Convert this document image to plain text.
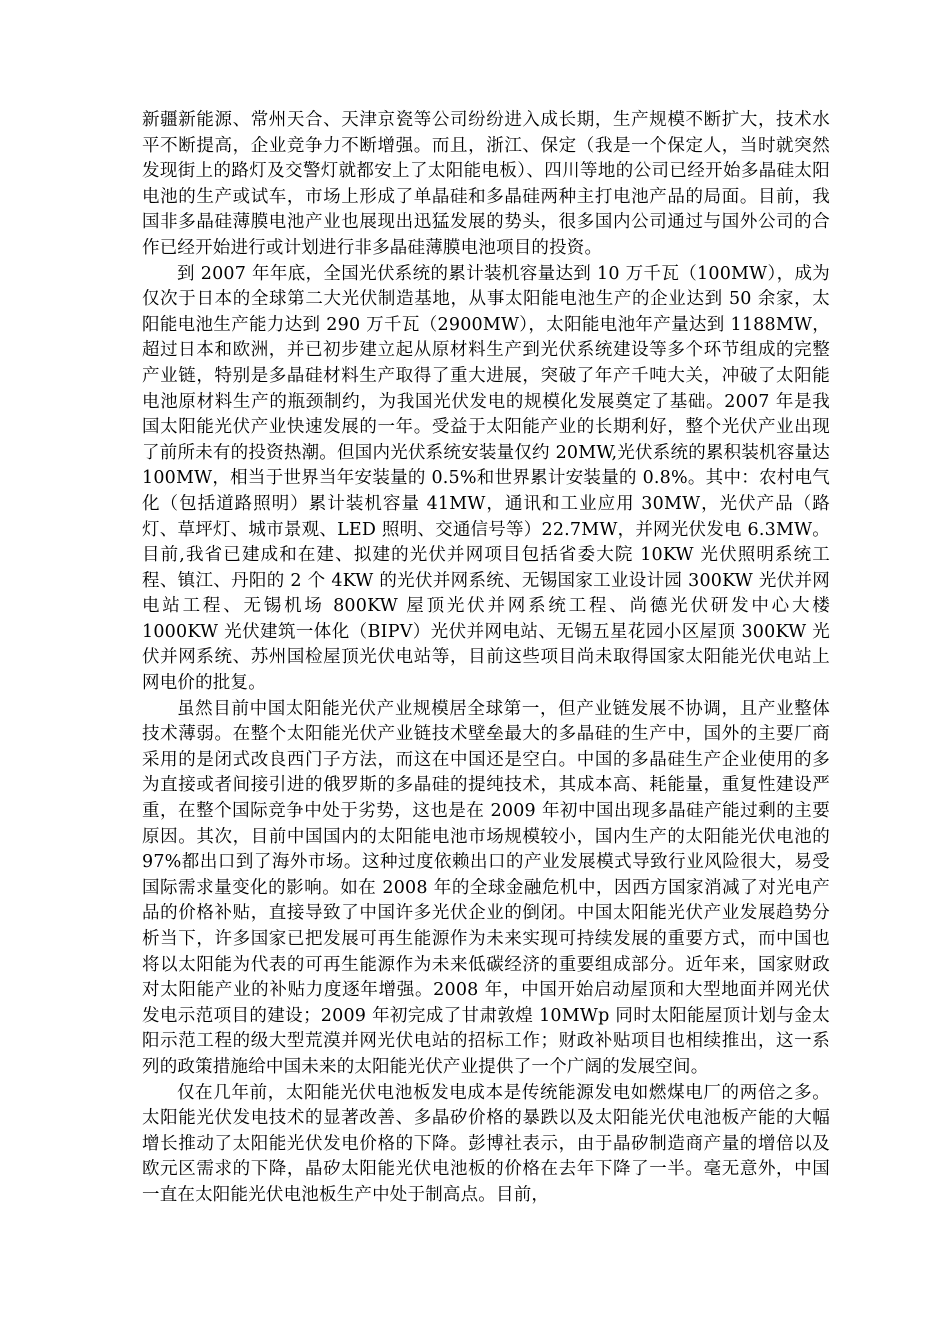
新疆新能源、常州天合、天津京瓷等公司纷纷进入成长期，生产规模不断扩大，技术水平不断提高，企业竞争力不断增强。而且，浙江、保定（我是一个保定人，当时就突然发现街上的路灯及交警灯就都安上了太阳能电板）、四川等地的公司已经开始多晶硅太阳电池的生产或试车，市场上形成了单晶硅和多晶硅两种主打电池产品的局面。目前，我国非多晶硅薄膜电池产业也展现出迅猛发展的势头，很多国内公司通过与国外公司的合作已经开始进行或计划进行非多晶硅薄膜电池项目的投资。

到 2007 年年底，全国光伏系统的累计装机容量达到 10 万千瓦（100MW），成为仅次于日本的全球第二大光伏制造基地，从事太阳能电池生产的企业达到 50 余家，太阳能电池生产能力达到 290 万千瓦（2900MW），太阳能电池年产量达到 1188MW，超过日本和欧洲，并已初步建立起从原材料生产到光伏系统建设等多个环节组成的完整产业链，特别是多晶硅材料生产取得了重大进展，突破了年产千吨大关，冲破了太阳能电池原材料生产的瓶颈制约，为我国光伏发电的规模化发展奠定了基础。2007 年是我国太阳能光伏产业快速发展的一年。受益于太阳能产业的长期利好，整个光伏产业出现了前所未有的投资热潮。但国内光伏系统安装量仅约 20MW,光伏系统的累积装机容量达 100MW，相当于世界当年安装量的 0.5%和世界累计安装量的 0.8%。其中：农村电气化（包括道路照明）累计装机容量 41MW，通讯和工业应用 30MW，光伏产品（路灯、草坪灯、城市景观、LED 照明、交通信号等）22.7MW，并网光伏发电 6.3MW。目前,我省已建成和在建、拟建的光伏并网项目包括省委大院 10KW 光伏照明系统工程、镇江、丹阳的 2 个 4KW 的光伏并网系统、无锡国家工业设计园 300KW 光伏并网电站工程、无锡机场 800KW 屋顶光伏并网系统工程、尚德光伏研发中心大楼 1000KW 光伏建筑一体化（BIPV）光伏并网电站、无锡五星花园小区屋顶 300KW 光伏并网系统、苏州国检屋顶光伏电站等，目前这些项目尚未取得国家太阳能光伏电站上网电价的批复。

虽然目前中国太阳能光伏产业规模居全球第一，但产业链发展不协调，且产业整体技术薄弱。在整个太阳能光伏产业链技术壁垒最大的多晶硅的生产中，国外的主要厂商采用的是闭式改良西门子方法，而这在中国还是空白。中国的多晶硅生产企业使用的多为直接或者间接引进的俄罗斯的多晶硅的提纯技术，其成本高、耗能量，重复性建设严重，在整个国际竞争中处于劣势，这也是在 2009 年初中国出现多晶硅产能过剩的主要原因。其次，目前中国国内的太阳能电池市场规模较小，国内生产的太阳能光伏电池的 97%都出口到了海外市场。这种过度依赖出口的产业发展模式导致行业风险很大，易受国际需求量变化的影响。如在 2008 年的全球金融危机中，因西方国家消减了对光电产品的价格补贴，直接导致了中国许多光伏企业的倒闭。中国太阳能光伏产业发展趋势分析当下，许多国家已把发展可再生能源作为未来实现可持续发展的重要方式，而中国也将以太阳能为代表的可再生能源作为未来低碳经济的重要组成部分。近年来，国家财政对太阳能产业的补贴力度逐年增强。2008 年，中国开始启动屋顶和大型地面并网光伏发电示范项目的建设；2009 年初完成了甘肃敦煌 10MWp 同时太阳能屋顶计划与金太阳示范工程的级大型荒漠并网光伏电站的招标工作；财政补贴项目也相续推出，这一系列的政策措施给中国未来的太阳能光伏产业提供了一个广阔的发展空间。

仅在几年前，太阳能光伏电池板发电成本是传统能源发电如燃煤电厂的两倍之多。太阳能光伏发电技术的显著改善、多晶矽价格的暴跌以及太阳能光伏电池板产能的大幅增长推动了太阳能光伏发电价格的下降。彭博社表示，由于晶矽制造商产量的增倍以及欧元区需求的下降，晶矽太阳能光伏电池板的价格在去年下降了一半。毫无意外，中国一直在太阳能光伏电池板生产中处于制高点。目前，
